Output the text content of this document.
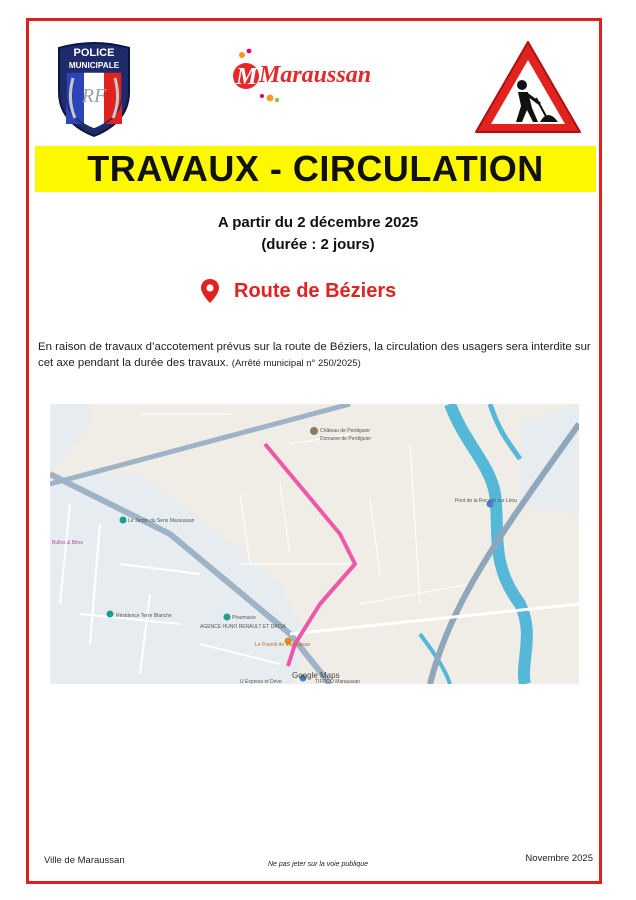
POLICE
MUNICIPALE
RF
M Maraussan
TRAVAUX - CIRCULATION
A partir du 2 décembre 2025
(durée : 2 jours)
Route de Béziers
En raison de travaux d’accotement prévus sur la route de Béziers, la circulation des usagers sera interdite sur cet axe pendant la durée des travaux. (Arrêté municipal n° 250/2025)
Château de Perdiguier
Domaine de Perdiguier
Pont de la Rocade sur Lirou
Le Jardin du Sens Maraussan
Bulles & Bitos
Pharmacie
Résidence Terre Blanche
AGENCE HUNO RENAULT ET DACIA
Le Fournil de Maraussan
U Express et Drive	TIFOCO Maraussan
Google Maps
Ville de Maraussan	Ne pas jeter sur la voie publique
Novembre 2025
